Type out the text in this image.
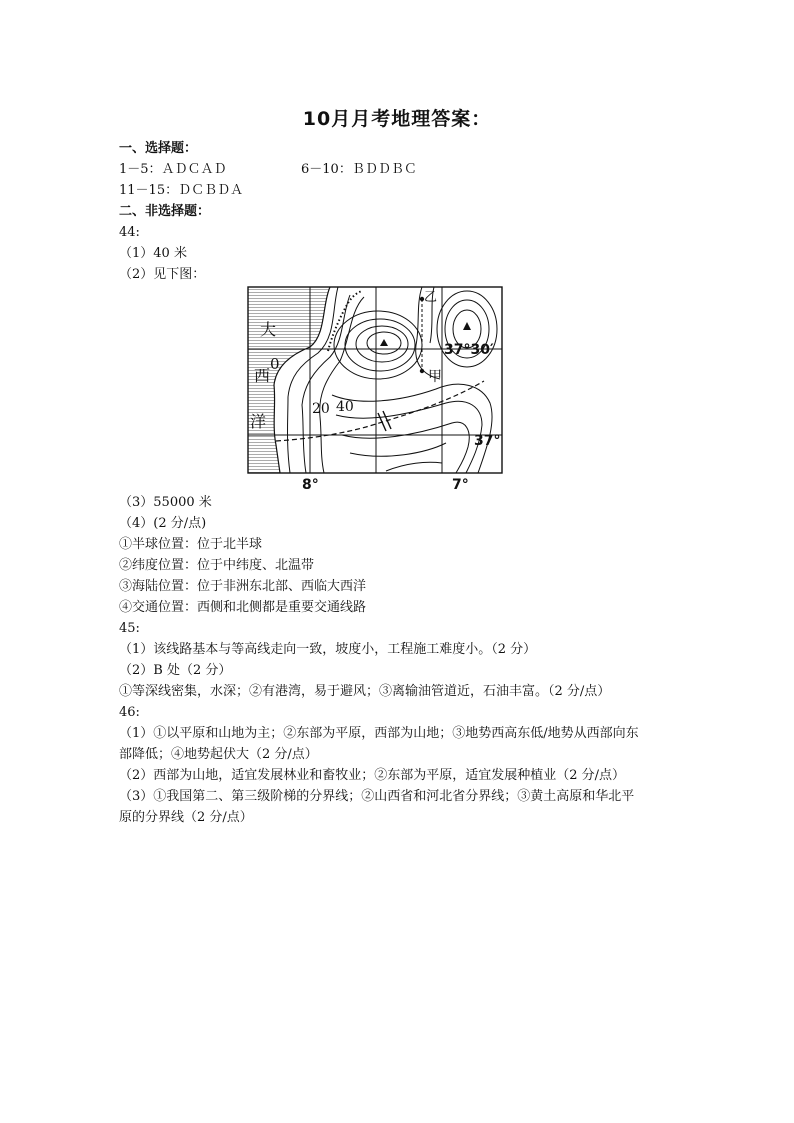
10月月考地理答案：
一、选择题：
1－5：ＡＤＣＡＤ	6－10：ＢＤＤＢＣ
11－15：ＤＣＢＤＡ
二、非选择题：
44:
（1）40 米
（2）见下图：
大
西
洋
0
20 40
甲
乙
37°30′
37°
8°	7°
（3）55000 米
（4）(2 分/点)
①半球位置：位于北半球
②纬度位置：位于中纬度、北温带
③海陆位置：位于非洲东北部、西临大西洋
④交通位置：西侧和北侧都是重要交通线路
45:
（1）该线路基本与等高线走向一致，坡度小，工程施工难度小。（2 分）
（2）B 处（2 分）
①等深线密集，水深；②有港湾，易于避风；③离输油管道近，石油丰富。（2 分/点）
46:
（1）①以平原和山地为主；②东部为平原，西部为山地；③地势西高东低/地势从西部向东
部降低；④地势起伏大（2 分/点）
（2）西部为山地，适宜发展林业和畜牧业；②东部为平原，适宜发展种植业（2 分/点）
（3）①我国第二、第三级阶梯的分界线；②山西省和河北省分界线；③黄土高原和华北平
原的分界线（2 分/点）
